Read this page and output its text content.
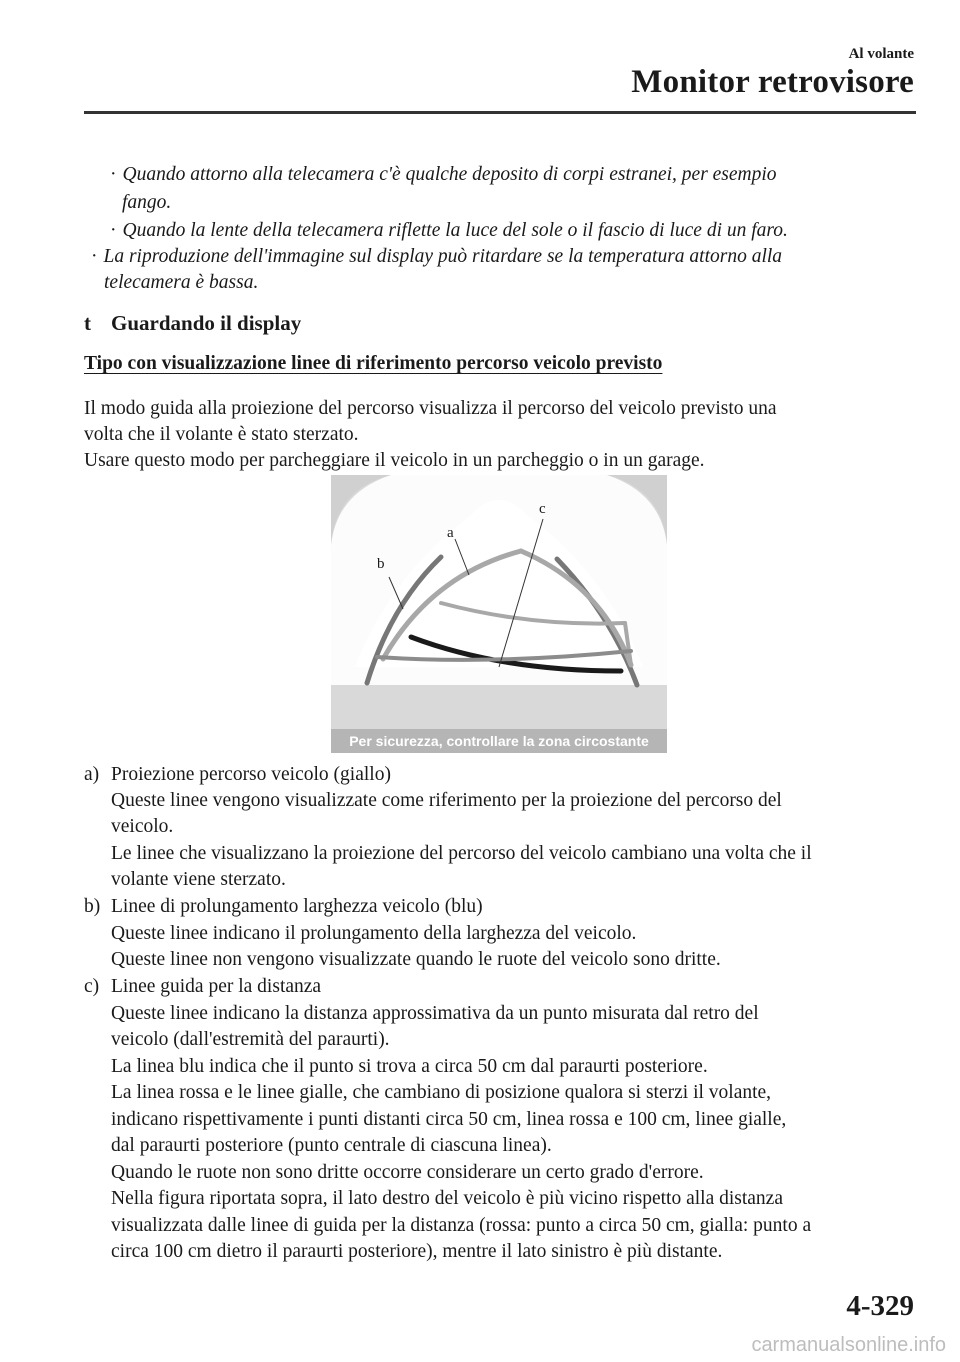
Al volante
Monitor retrovisore
· Quando attorno alla telecamera c'è qualche deposito di corpi estranei, per esempio
fango.
· Quando la lente della telecamera riflette la luce del sole o il fascio di luce di un faro.
· La riproduzione dell'immagine sul display può ritardare se la temperatura attorno alla
telecamera è bassa.
t Guardando il display
Tipo con visualizzazione linee di riferimento percorso veicolo previsto
Il modo guida alla proiezione del percorso visualizza il percorso del veicolo previsto una
volta che il volante è stato sterzato.
Usare questo modo per parcheggiare il veicolo in un parcheggio o in un garage.
b
a
c
Per sicurezza, controllare la zona circostante
a) Proiezione percorso veicolo (giallo)
Queste linee vengono visualizzate come riferimento per la proiezione del percorso del
veicolo.
Le linee che visualizzano la proiezione del percorso del veicolo cambiano una volta che il
volante viene sterzato.
b) Linee di prolungamento larghezza veicolo (blu)
Queste linee indicano il prolungamento della larghezza del veicolo.
Queste linee non vengono visualizzate quando le ruote del veicolo sono dritte.
c) Linee guida per la distanza
Queste linee indicano la distanza approssimativa da un punto misurata dal retro del
veicolo (dall'estremità del paraurti).
La linea blu indica che il punto si trova a circa 50 cm dal paraurti posteriore.
La linea rossa e le linee gialle, che cambiano di posizione qualora si sterzi il volante,
indicano rispettivamente i punti distanti circa 50 cm, linea rossa e 100 cm, linee gialle,
dal paraurti posteriore (punto centrale di ciascuna linea).
Quando le ruote non sono dritte occorre considerare un certo grado d'errore.
Nella figura riportata sopra, il lato destro del veicolo è più vicino rispetto alla distanza
visualizzata dalle linee di guida per la distanza (rossa: punto a circa 50 cm, gialla: punto a
circa 100 cm dietro il paraurti posteriore), mentre il lato sinistro è più distante.
4-329
carmanualsonline.info
